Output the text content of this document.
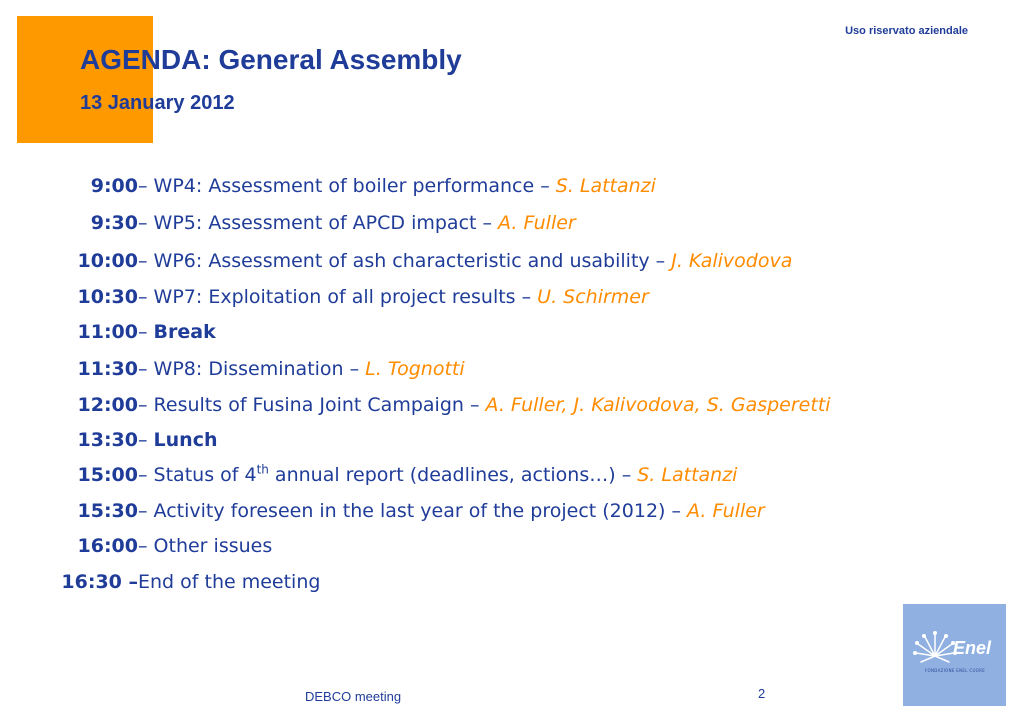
AGENDA: General Assembly
13 January 2012
Uso riservato aziendale
9:00 – WP4: Assessment of boiler performance – S. Lattanzi
9:30 – WP5: Assessment of APCD impact – A. Fuller
10:00 – WP6: Assessment of ash characteristic and usability – J. Kalivodova
10:30 – WP7: Exploitation of all project results – U. Schirmer
11:00 – Break
11:30 – WP8: Dissemination – L. Tognotti
12:00 – Results of Fusina Joint Campaign – A. Fuller, J. Kalivodova, S. Gasperetti
13:30 – Lunch
15:00 – Status of 4th annual report (deadlines, actions…) – S. Lattanzi
15:30 – Activity foreseen in the last year of the project (2012) – A. Fuller
16:00 – Other issues
16:30 – End of the meeting
DEBCO meeting	2
Enel
FONDAZIONE ENEL CUORE
